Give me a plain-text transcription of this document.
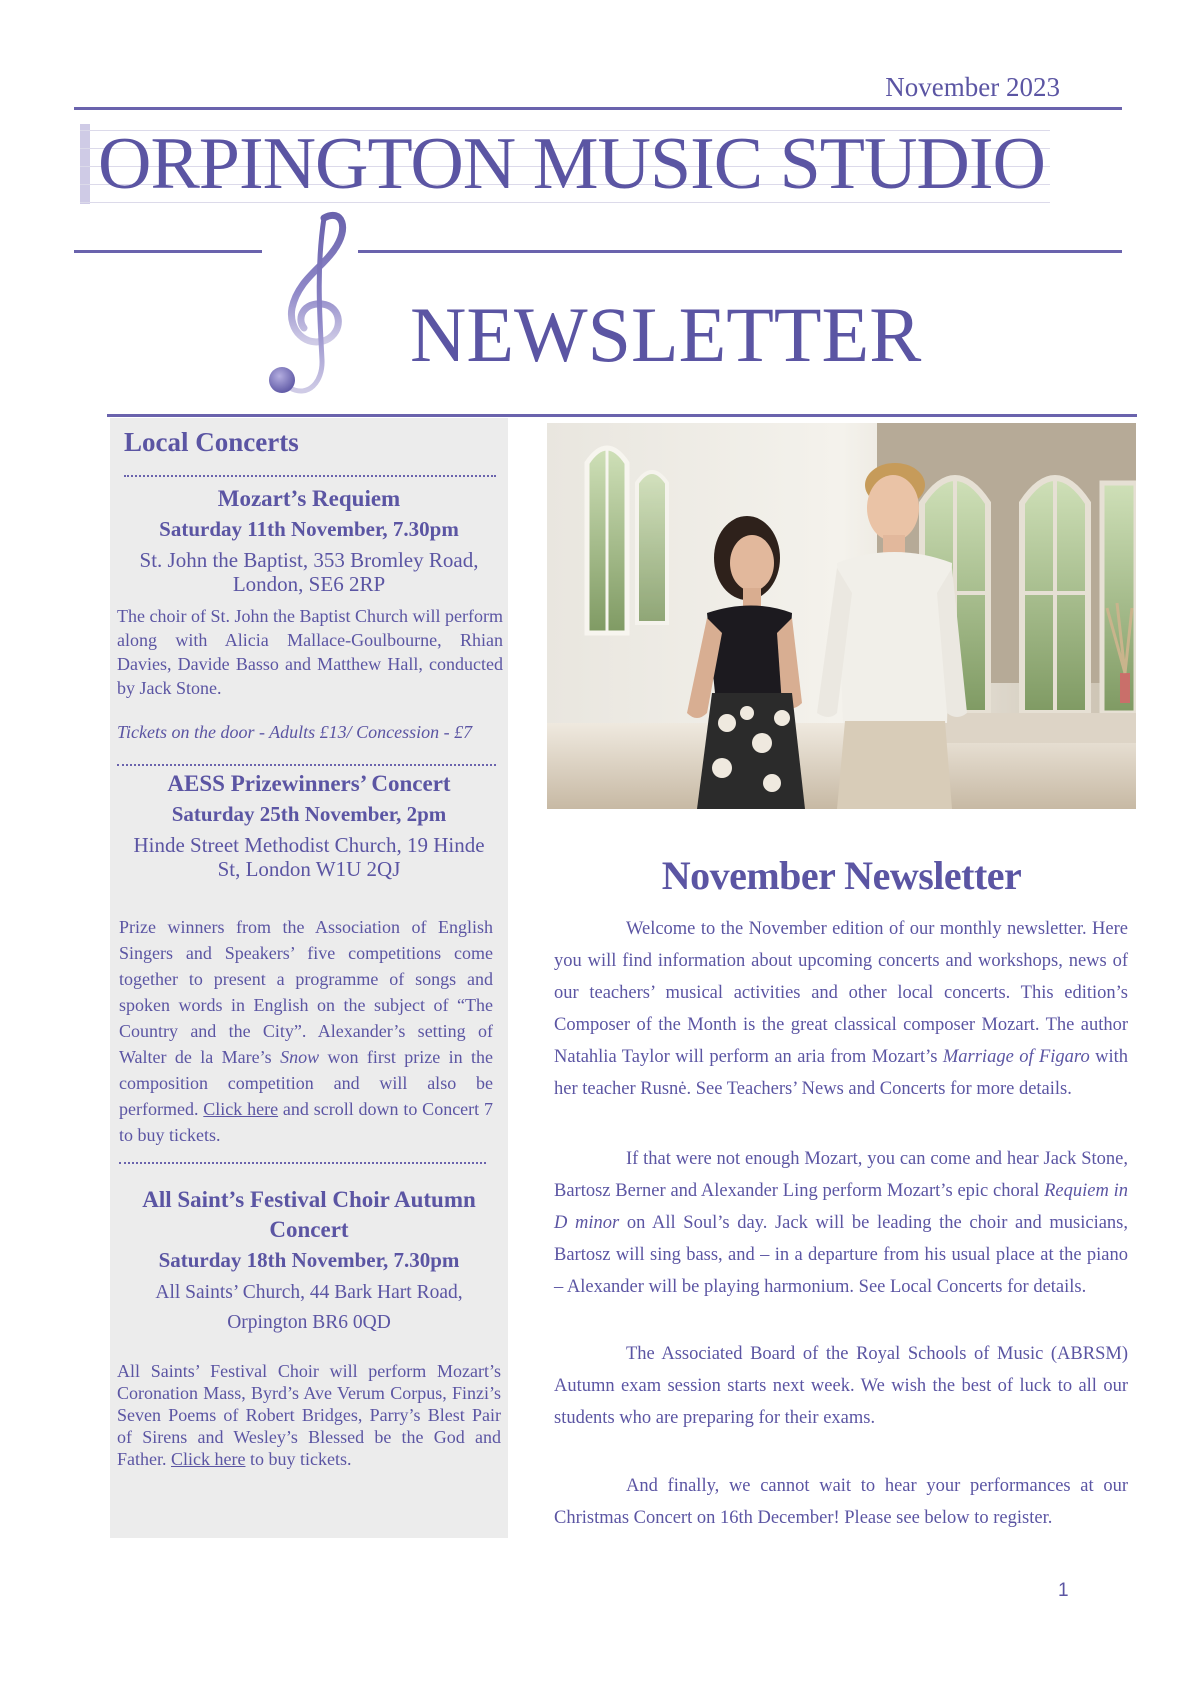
November 2023
ORPINGTON MUSIC STUDIO
NEWSLETTER
Local Concerts
Mozart’s Requiem
Saturday 11th November, 7.30pm
St. John the Baptist, 353 Bromley Road, London, SE6 2RP
The choir of St. John the Baptist Church will perform along with Alicia Mallace-Goulbourne, Rhian Davies, Davide Basso and Matthew Hall, conducted by Jack Stone.
Tickets on the door - Adults £13/ Concession - £7
AESS Prizewinners’ Concert
Saturday 25th November, 2pm
Hinde Street Methodist Church, 19 Hinde St, London W1U 2QJ
Prize winners from the Association of English Singers and Speakers’ five competitions come together to present a programme of songs and spoken words in English on the subject of “The Country and the City”. Alexander’s setting of Walter de la Mare’s Snow won first prize in the composition competition and will also be performed. Click here and scroll down to Concert 7 to buy tickets.
All Saint’s Festival Choir Autumn Concert
Saturday 18th November, 7.30pm
All Saints’ Church, 44 Bark Hart Road, Orpington BR6 0QD
All Saints’ Festival Choir will perform Mozart’s Coronation Mass, Byrd’s Ave Verum Corpus, Finzi’s Seven Poems of Robert Bridges, Parry’s Blest Pair of Sirens and Wesley’s Blessed be the God and Father. Click here to buy tickets.
November Newsletter
Welcome to the November edition of our monthly newsletter. Here you will find information about upcoming concerts and workshops, news of our teachers’ musical activities and other local concerts. This edition’s Composer of the Month is the great classical composer Mozart. The author Natahlia Taylor will perform an aria from Mozart’s Marriage of Figaro with her teacher Rusnė. See Teachers’ News and Concerts for more details.
If that were not enough Mozart, you can come and hear Jack Stone, Bartosz Berner and Alexander Ling perform Mozart’s epic choral Requiem in D minor on All Soul’s day. Jack will be leading the choir and musicians, Bartosz will sing bass, and – in a departure from his usual place at the piano – Alexander will be playing harmonium. See Local Concerts for details.
The Associated Board of the Royal Schools of Music (ABRSM) Autumn exam session starts next week. We wish the best of luck to all our students who are preparing for their exams.
And finally, we cannot wait to hear your performances at our Christmas Concert on 16th December! Please see below to register.
1
